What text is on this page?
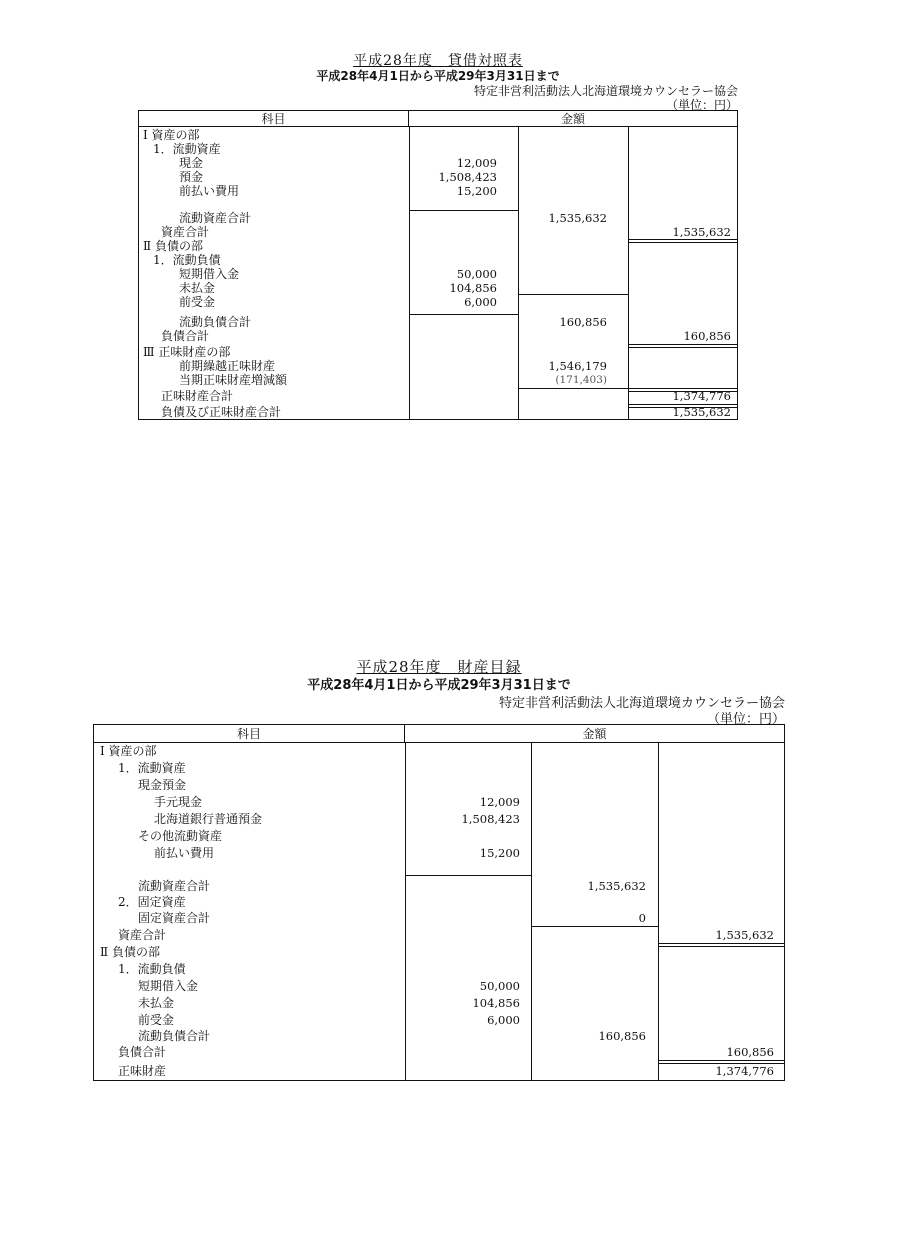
平成28年度　貸借対照表
平成28年4月1日から平成29年3月31日まで
特定非営利活動法人北海道環境カウンセラー協会
（単位：円）
科目	金額
Ⅰ 資産の部
1．流動資産
現金
預金
前払い費用
流動資産合計
資産合計
Ⅱ 負債の部
1．流動負債
短期借入金
未払金
前受金
流動負債合計
負債合計
Ⅲ 正味財産の部
前期繰越正味財産
当期正味財産増減額
正味財産合計
負債及び正味財産合計
12,009
1,508,423
15,200
1,535,632
1,535,632
50,000
104,856
6,000
160,856
160,856
1,546,179
(171,403)
1,374,776
1,535,632
平成28年度　財産目録
平成28年4月1日から平成29年3月31日まで
特定非営利活動法人北海道環境カウンセラー協会
（単位：円）
科目	金額
Ⅰ 資産の部
1．流動資産
現金預金
手元現金
北海道銀行普通預金
その他流動資産
前払い費用
流動資産合計
2．固定資産
固定資産合計
資産合計
Ⅱ 負債の部
1．流動負債
短期借入金
未払金
前受金
流動負債合計
負債合計
正味財産
12,009
1,508,423
15,200
1,535,632
0
1,535,632
50,000
104,856
6,000
160,856
160,856
1,374,776
